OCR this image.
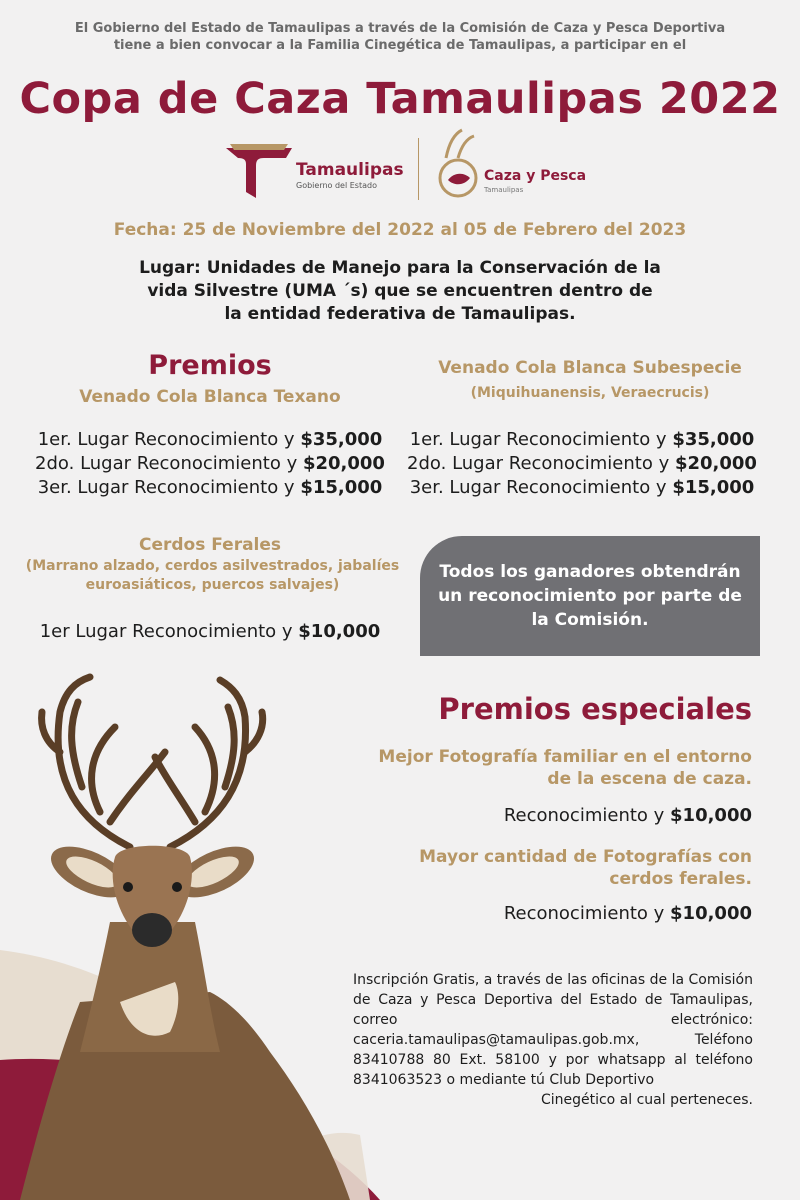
El Gobierno del Estado de Tamaulipas a través de la Comisión de Caza y Pesca Deportiva
tiene a bien convocar a la Familia Cinegética de Tamaulipas, a participar en el
Copa de Caza Tamaulipas 2022
Tamaulipas
Gobierno del Estado
Caza y Pesca
Tamaulipas
Fecha: 25 de Noviembre del 2022 al 05 de Febrero del 2023
Lugar: Unidades de Manejo para la Conservación de la
vida Silvestre (UMA ´s) que se encuentren dentro de
la entidad federativa de Tamaulipas.
Premios
Venado Cola Blanca Texano
1er. Lugar Reconocimiento y $35,000
2do. Lugar Reconocimiento y $20,000
3er. Lugar Reconocimiento y $15,000
Venado Cola Blanca Subespecie
(Miquihuanensis, Veraecrucis)
1er. Lugar Reconocimiento y $35,000
2do. Lugar Reconocimiento y $20,000
3er. Lugar Reconocimiento y $15,000
Cerdos Ferales
(Marrano alzado, cerdos asilvestrados, jabalíes
euroasiáticos, puercos salvajes)
1er Lugar Reconocimiento y $10,000
Todos los ganadores obtendrán
un reconocimiento por parte de
la Comisión.
Premios especiales
Mejor Fotografía familiar en el entorno
de la escena de caza.
Reconocimiento y $10,000
Mayor cantidad de Fotografías con
cerdos ferales.
Reconocimiento y $10,000
Inscripción Gratis, a través de las oficinas de la Comisión de Caza y Pesca Deportiva del Estado de Tamaulipas, correo electrónico: caceria.tamaulipas@tamaulipas.gob.mx, Teléfono 83410788 80 Ext. 58100 y por whatsapp al teléfono 8341063523 o mediante tú Club Deportivo
Cinegético al cual perteneces.
